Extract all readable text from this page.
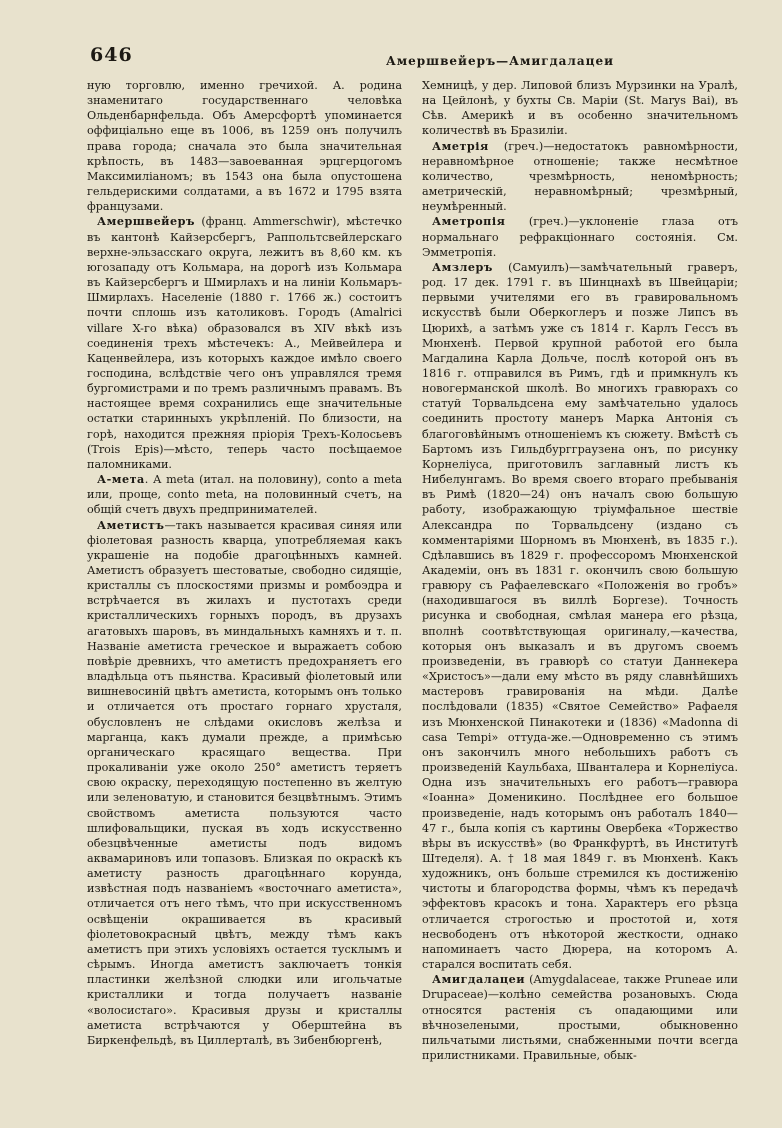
646	Амершвейеръ—Амигдалацеи

ную торговлю, именно гречихой. А. родина знаменитаго государственнаго человѣка Ольденбарнфельда. Объ Амерсфортѣ упоминается оффиціально еще въ 1006, въ 1259 онъ получилъ права города; сначала это была значительная крѣпость, въ 1483—завоеванная эрцгерцогомъ Максимиліаномъ; въ 1543 она была опустошена гельдерискими солдатами, а въ 1672 и 1795 взята французами.

Амершвейеръ (франц. Ammerschwir), мѣстечко въ кантонѣ Кайзерсбергъ, Раппольтсвейлерскаго верхне-эльзасскаго округа, лежитъ въ 8,60 км. къ югозападу отъ Кольмара, на дорогѣ изъ Кольмара въ Кайзерсбергъ и Шмирлахъ и на линіи Кольмаръ-Шмирлахъ. Населеніе (1880 г. 1766 ж.) состоитъ почти сплошь изъ католиковъ. Городъ (Amalrici villare X-го вѣка) образовался въ XIV вѣкѣ изъ соединенія трехъ мѣстечекъ: А., Мейвейлера и Каценвейлера, изъ которыхъ каждое имѣло своего господина, вслѣдствіе чего онъ управлялся тремя бургомистрами и по тремъ различнымъ правамъ. Въ настоящее время сохранились еще значительные остатки старинныхъ укрѣпленій. По близости, на горѣ, находится прежняя пріорія Трехъ-Колосьевъ (Trois Epis)—мѣсто, теперь часто посѣщаемое паломниками.

А-мета. А meta (итал. на половину), conto a meta или, проще, conto meta, на половинный счетъ, на общій счетъ двухъ предпринимателей.

Аметистъ—такъ называется красивая синяя или фіолетовая разность кварца, употребляемая какъ украшеніе на подобіе драгоцѣнныхъ камней. Аметистъ образуетъ шестоватые, свободно сидящіе, кристаллы съ плоскостями призмы и ромбоэдра и встрѣчается въ жилахъ и пустотахъ среди кристаллическихъ горныхъ породъ, въ друзахъ агатовыхъ шаровъ, въ миндальныхъ камняхъ и т. п. Названіе аметиста греческое и выражаетъ собою повѣріе древнихъ, что аметистъ предохраняетъ его владѣльца отъ пьянства. Красивый фіолетовый или вишневосиній цвѣтъ аметиста, которымъ онъ только и отличается отъ простаго горнаго хрусталя, обусловленъ не слѣдами окисловъ желѣза и марганца, какъ думали прежде, а примѣсью органическаго красящаго вещества. При прокаливаніи уже около 250° аметистъ теряетъ свою окраску, переходящую постепенно въ желтую или зеленоватую, и становится безцвѣтнымъ. Этимъ свойствомъ аметиста пользуются часто шлифовальщики, пуская въ ходъ искусственно обезцвѣченные аметисты подъ видомъ аквамариновъ или топазовъ. Близкая по окраскѣ къ аметисту разность драгоцѣннаго корунда, извѣстная подъ названіемъ «восточнаго аметиста», отличается отъ него тѣмъ, что при искусственномъ освѣщеніи окрашивается въ красивый фіолетовокрасный цвѣтъ, между тѣмъ какъ аметистъ при этихъ условіяхъ остается тусклымъ и сѣрымъ. Иногда аметистъ заключаетъ тонкія пластинки желѣзной слюдки или игольчатые кристаллики и тогда получаетъ названіе «волосистаго». Красивыя друзы и кристаллы аметиста встрѣчаются у Оберштейна въ Биркенфельдѣ, въ Циллерталѣ, въ Зибенбюргенѣ,

Хемницѣ, у дер. Липовой близъ Мурзинки на Уралѣ, на Цейлонѣ, у бухты Св. Маріи (St. Marys Bai), въ Сѣв. Америкѣ и въ особенно значительномъ количествѣ въ Бразиліи.

Аметрія (греч.)—недостатокъ равномѣрности, неравномѣрное отношеніе; также несмѣтное количество, чрезмѣрность, неномѣрность; аметрическій, неравномѣрный; чрезмѣрный, неумѣренный.

Аметропія (греч.)—уклоненіе глаза отъ нормальнаго рефракціоннаго состоянія. См. Эмметропія.

Амзлеръ (Самуилъ)—замѣчательный граверъ, род. 17 дек. 1791 г. въ Шинцнахѣ въ Швейцаріи; первыми учителями его въ гравировальномъ искусствѣ были Оберкоглеръ и позже Липсъ въ Цюрихѣ, а затѣмъ уже съ 1814 г. Карлъ Гессъ въ Мюнхенѣ. Первой крупной работой его была Магдалина Карла Дольче, послѣ которой онъ въ 1816 г. отправился въ Римъ, гдѣ и примкнулъ къ новогерманской школѣ. Во многихъ гравюрахъ со статуй Торвальдсена ему замѣчательно удалось соединить простоту манеръ Марка Антонія съ благоговѣйнымъ отношеніемъ къ сюжету. Вмѣстѣ съ Бартомъ изъ Гильдбургграузена онъ, по рисунку Корнеліуса, приготовилъ заглавный листъ къ Нибелунгамъ. Во время своего втораго пребыванія въ Римѣ (1820—24) онъ началъ свою большую работу, изображающую тріумфальное шествіе Александра по Торвальдсену (издано съ комментаріями Шорномъ въ Мюнхенѣ, въ 1835 г.). Сдѣлавшись въ 1829 г. профессоромъ Мюнхенской Академіи, онъ въ 1831 г. окончилъ свою большую гравюру съ Рафаелевскаго «Положенія во гробъ» (находившагося въ виллѣ Боргезе). Точность рисунка и свободная, смѣлая манера его рѣзца, вполнѣ соотвѣтствующая оригиналу,—качества, которыя онъ выказалъ и въ другомъ своемъ произведеніи, въ гравюрѣ со статуи Даннекера «Христосъ»—дали ему мѣсто въ ряду славнѣйшихъ мастеровъ гравированія на мѣди. Далѣе послѣдовали (1835) «Святое Семейство» Рафаеля изъ Мюнхенской Пинакотеки и (1836) «Madonna di casa Tempi» оттуда-же.—Одновременно съ этимъ онъ закончилъ много небольшихъ работъ съ произведеній Каульбаха, Шванталера и Корнеліуса. Одна изъ значительныхъ его работъ—гравюра «Іоанна» Доменикино. Послѣднее его большое произведеніе, надъ которымъ онъ работалъ 1840—47 г., была копія съ картины Овербека «Торжество вѣры въ искусствѣ» (во Франкфуртѣ, въ Институтѣ Штеделя). А. † 18 мая 1849 г. въ Мюнхенѣ. Какъ художникъ, онъ больше стремился къ достиженію чистоты и благородства формы, чѣмъ къ передачѣ эффектовъ красокъ и тона. Характеръ его рѣзца отличается строгостью и простотой и, хотя несвободенъ отъ нѣкоторой жесткости, однако напоминаетъ часто Дюрера, на которомъ А. старался воспитать себя.

Амигдалацеи (Amygdalaceae, также Pruneae или Drupaceae)—колѣно семейства розановыхъ. Сюда относятся растенія съ опадающими или вѣчнозелеными, простыми, обыкновенно пильчатыми листьями, снабженными почти всегда прилистниками. Правильные, обык-
